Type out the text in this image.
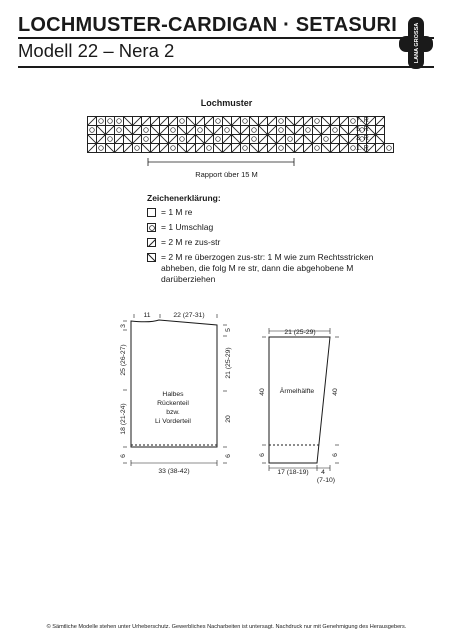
LOCHMUSTER-CARDIGAN · SETASURI
Modell 22 – Nera 2	LANA GROSSA
Lochmuster

7. R
5. R
3. R
1. R
Rapport über 15 M
Zeichenerklärung:
= 1 M re
= 1 Umschlag
= 2 M re zus-str
= 2 M re überzogen zus-str: 1 M wie zum Rechtsstricken abheben, die folg M re str, dann die abgehobene M darüberziehen
11	22 (27-31)
3
25 (26-27)
18 (21-24)
6
5
21 (25-29)
20
6
Halbes
Rückenteil
bzw.
Li Vorderteil
33 (38-42)
21 (25-29)
40
6
40
6
Ärmelhälfte
17 (18-19) 4
(7-10)
© Sämtliche Modelle stehen unter Urheberschutz. Gewerbliches Nacharbeiten ist untersagt. Nachdruck nur mit Genehmigung des Herausgebers.
